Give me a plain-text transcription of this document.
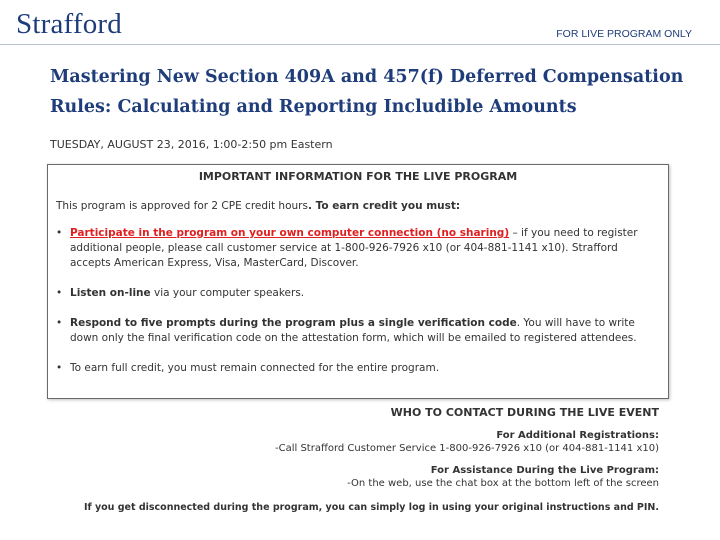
Strafford	FOR LIVE PROGRAM ONLY
Mastering New Section 409A and 457(f) Deferred Compensation Rules: Calculating and Reporting Includible Amounts
TUESDAY, AUGUST 23, 2016, 1:00-2:50 pm Eastern
IMPORTANT INFORMATION FOR THE LIVE PROGRAM
This program is approved for 2 CPE credit hours. To earn credit you must:
• Participate in the program on your own computer connection (no sharing) – if you need to register additional people, please call customer service at 1-800-926-7926 x10 (or 404-881-1141 x10). Strafford accepts American Express, Visa, MasterCard, Discover.
• Listen on-line via your computer speakers.
• Respond to five prompts during the program plus a single verification code. You will have to write down only the final verification code on the attestation form, which will be emailed to registered attendees.
• To earn full credit, you must remain connected for the entire program.
WHO TO CONTACT DURING THE LIVE EVENT
For Additional Registrations:
-Call Strafford Customer Service 1-800-926-7926 x10 (or 404-881-1141 x10)
For Assistance During the Live Program:
-On the web, use the chat box at the bottom left of the screen
If you get disconnected during the program, you can simply log in using your original instructions and PIN.
